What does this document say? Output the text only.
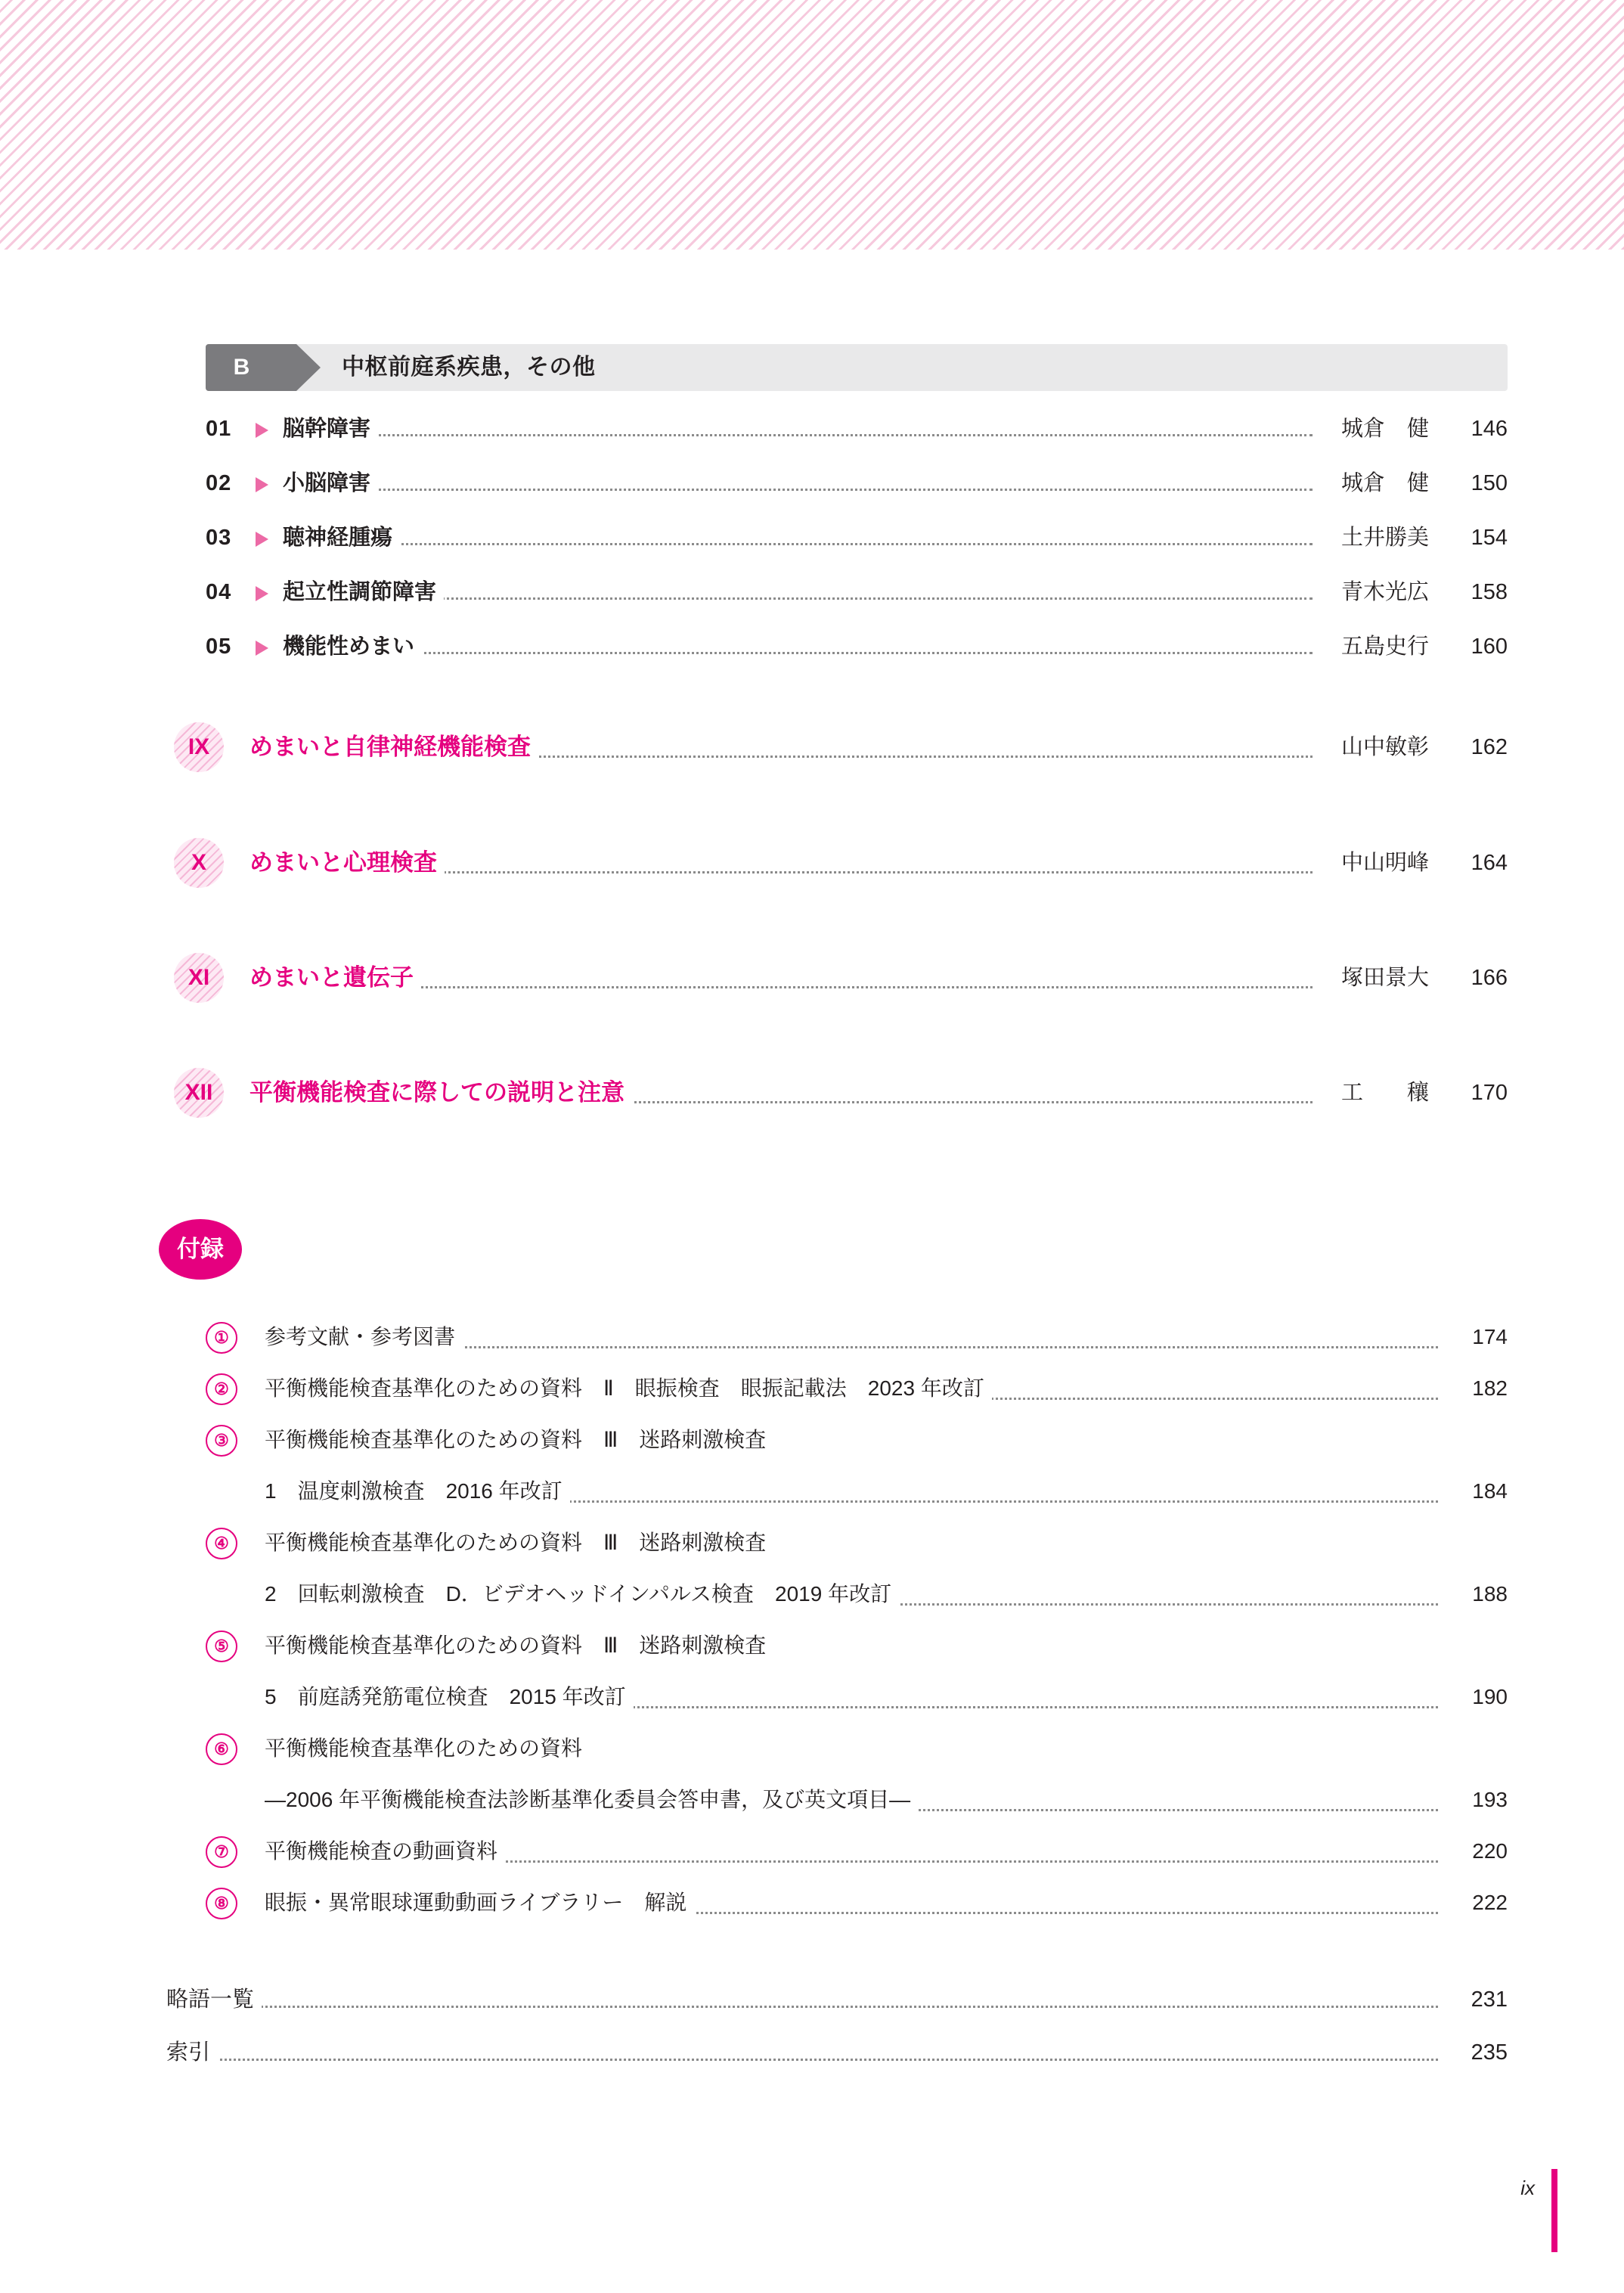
B	中枢前庭系疾患，その他
01	脳幹障害	城倉　健	146
02	小脳障害	城倉　健	150
03	聴神経腫瘍	土井勝美	154
04	起立性調節障害	青木光広	158
05	機能性めまい	五島史行	160
IX	めまいと自律神経機能検査	山中敏彰	162
X	めまいと心理検査	中山明峰	164
XI	めまいと遺伝子	塚田景大	166
XII	平衡機能検査に際しての説明と注意	工　　穰	170
付録
①	参考文献・参考図書	174
②	平衡機能検査基準化のための資料　Ⅱ　眼振検査　眼振記載法　2023 年改訂	182
③	平衡機能検査基準化のための資料　Ⅲ　迷路刺激検査
1　温度刺激検査　2016 年改訂	184
④	平衡機能検査基準化のための資料　Ⅲ　迷路刺激検査
2　回転刺激検査　D．ビデオヘッドインパルス検査　2019 年改訂	188
⑤	平衡機能検査基準化のための資料　Ⅲ　迷路刺激検査
5　前庭誘発筋電位検査　2015 年改訂	190
⑥	平衡機能検査基準化のための資料
—2006 年平衡機能検査法診断基準化委員会答申書，及び英文項目—	193
⑦	平衡機能検査の動画資料	220
⑧	眼振・異常眼球運動動画ライブラリー　解説	222
略語一覧	231
索引	235
ix
